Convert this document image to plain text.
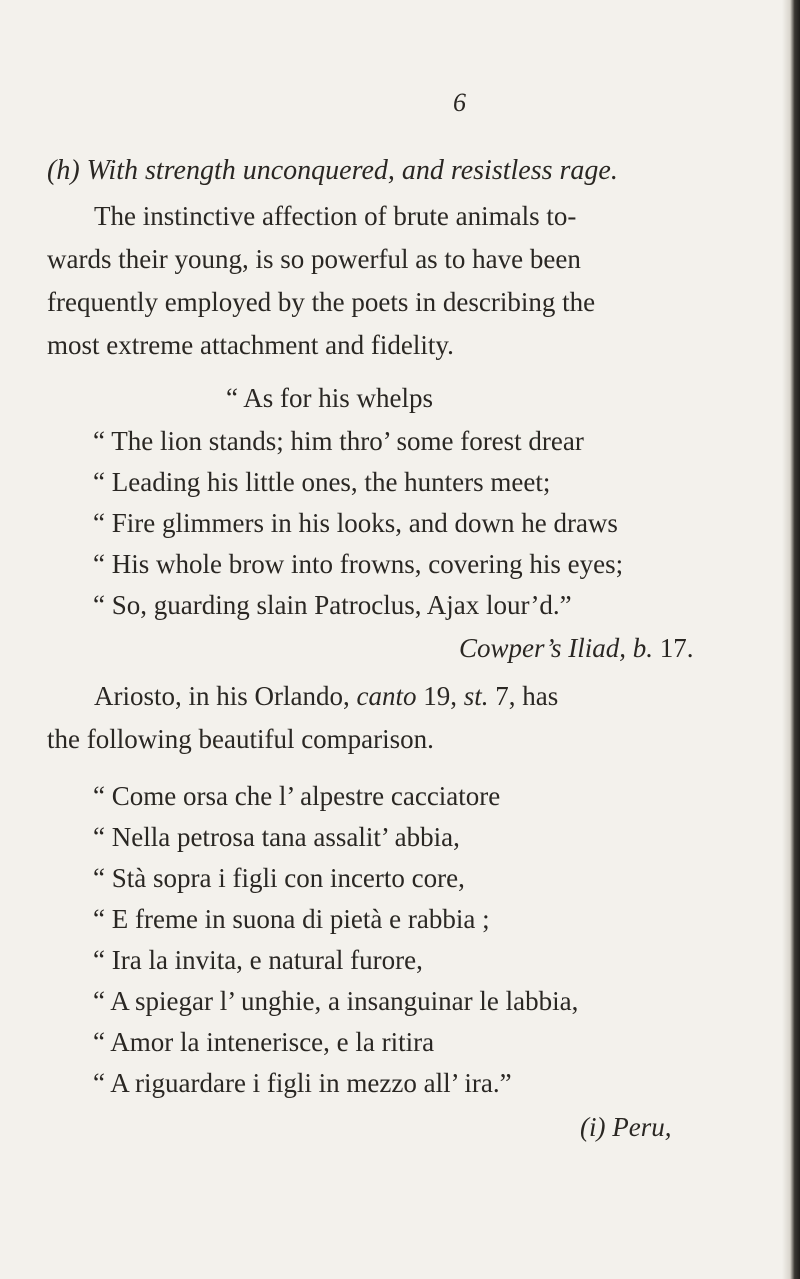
6
(h) With strength unconquered, and resistless rage.
The instinctive affection of brute animals to-
wards their young, is so powerful as to have been
frequently employed by the poets in describing the
most extreme attachment and fidelity.
“ As for his whelps
“ The lion stands; him thro’ some forest drear
“ Leading his little ones, the hunters meet;
“ Fire glimmers in his looks, and down he draws
“ His whole brow into frowns, covering his eyes;
“ So, guarding slain Patroclus, Ajax lour’d.”
Cowper’s Iliad, b. 17.
Ariosto, in his Orlando, canto 19, st. 7, has
the following beautiful comparison.
“ Come orsa che l’ alpestre cacciatore
“ Nella petrosa tana assalit’ abbia,
“ Stà sopra i figli con incerto core,
“ E freme in suona di pietà e rabbia ;
“ Ira la invita, e natural furore,
“ A spiegar l’ unghie, a insanguinar le labbia,
“ Amor la intenerisce, e la ritira
“ A riguardare i figli in mezzo all’ ira.”
(i) Peru,
